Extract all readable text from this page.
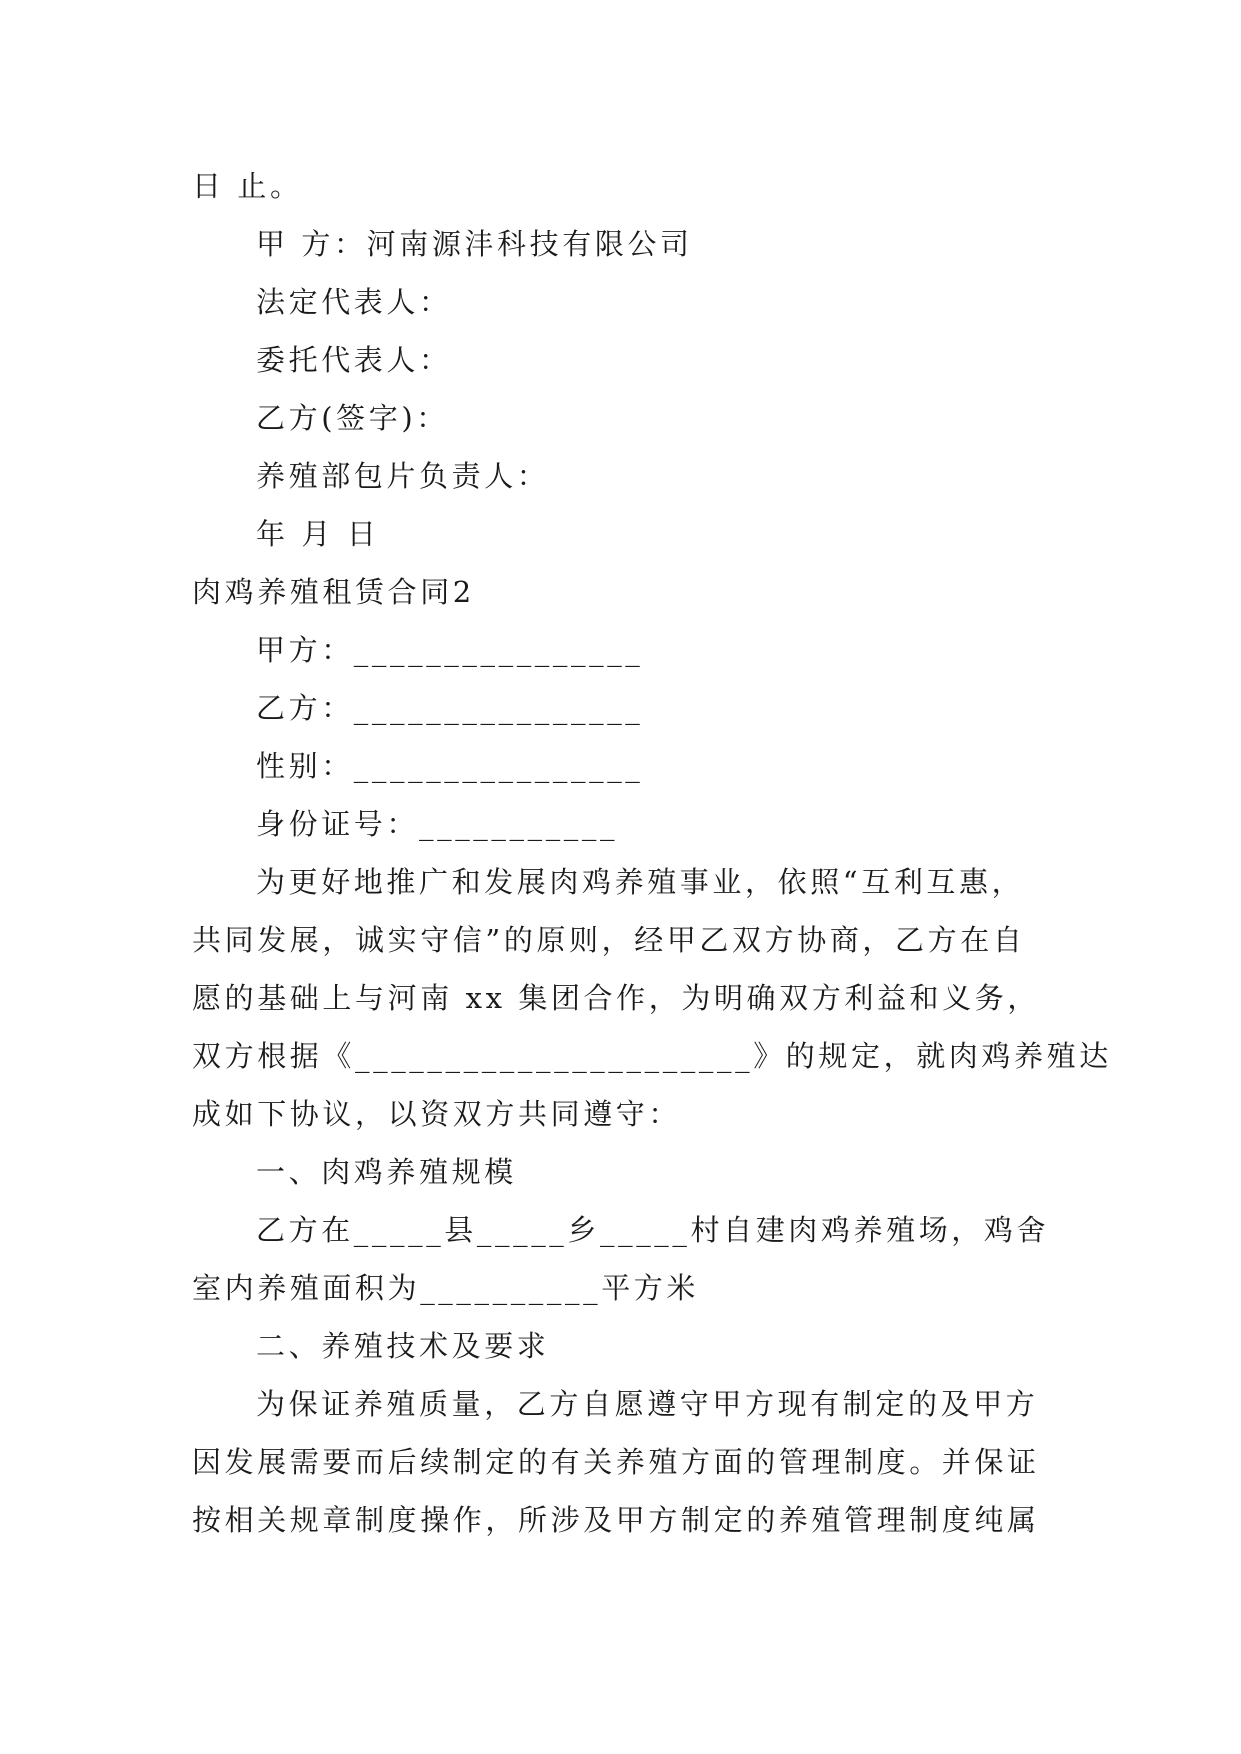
日 止。
甲 方：河南源沣科技有限公司
法定代表人：
委托代表人：
乙方(签字)：
养殖部包片负责人：
年 月 日
肉鸡养殖租赁合同2
甲方：________________
乙方：________________
性别：________________
身份证号：___________
为更好地推广和发展肉鸡养殖事业，依照“互利互惠，
共同发展，诚实守信”的原则，经甲乙双方协商，乙方在自
愿的基础上与河南 xx 集团合作，为明确双方利益和义务，
双方根据《______________________》的规定，就肉鸡养殖达
成如下协议，以资双方共同遵守：
一、肉鸡养殖规模
乙方在_____县_____乡_____村自建肉鸡养殖场，鸡舍
室内养殖面积为__________平方米
二、养殖技术及要求
为保证养殖质量，乙方自愿遵守甲方现有制定的及甲方
因发展需要而后续制定的有关养殖方面的管理制度。并保证
按相关规章制度操作，所涉及甲方制定的养殖管理制度纯属
